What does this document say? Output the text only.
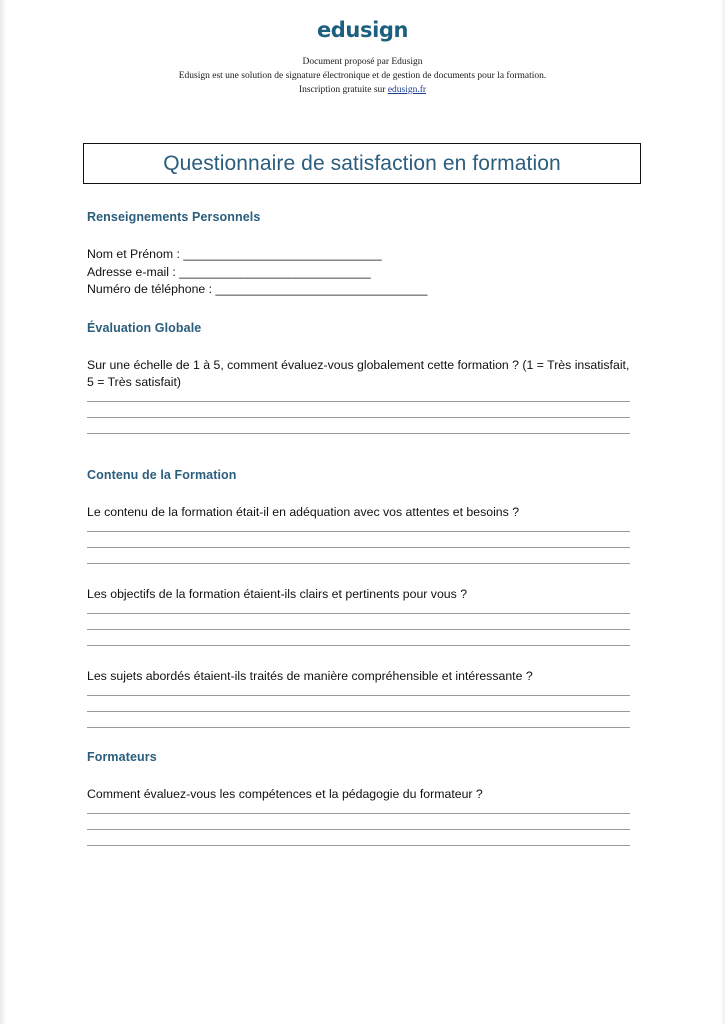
edusign
Document proposé par Edusign
Edusign est une solution de signature électronique et de gestion de documents pour la formation.
Inscription gratuite sur edusign.fr
Questionnaire de satisfaction en formation
Renseignements Personnels
Nom et Prénom : _____________________________
Adresse e-mail : ____________________________
Numéro de téléphone : _______________________________
Évaluation Globale
Sur une échelle de 1 à 5, comment évaluez-vous globalement cette formation ? (1 = Très insatisfait, 5 = Très satisfait)
Contenu de la Formation
Le contenu de la formation était-il en adéquation avec vos attentes et besoins ?
Les objectifs de la formation étaient-ils clairs et pertinents pour vous ?
Les sujets abordés étaient-ils traités de manière compréhensible et intéressante ?
Formateurs
Comment évaluez-vous les compétences et la pédagogie du formateur ?
